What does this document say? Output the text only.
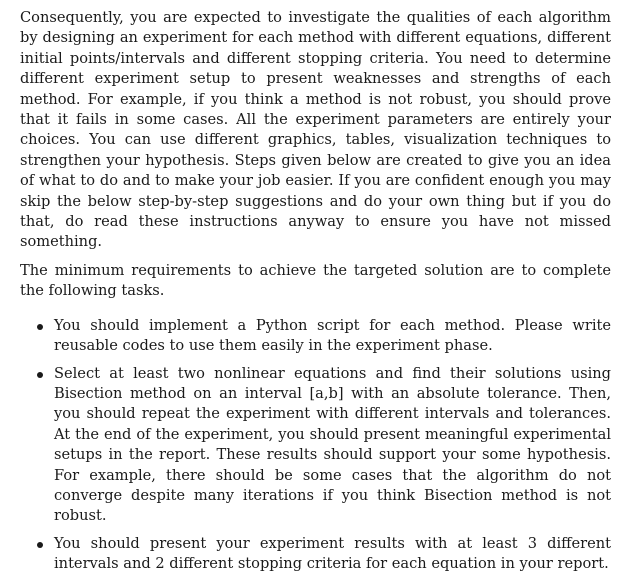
Consequently, you are expected to investigate the qualities of each algorithm by designing an experiment for each method with different equations, different initial points/intervals and different stopping criteria. You need to determine different experiment setup to present weaknesses and strengths of each method. For example, if you think a method is not robust, you should prove that it fails in some cases. All the experiment parameters are entirely your choices. You can use different graphics, tables, visualization techniques to strengthen your hypothesis. Steps given below are created to give you an idea of what to do and to make your job easier. If you are confident enough you may skip the below step-by-step suggestions and do your own thing but if you do that, do read these instructions anyway to ensure you have not missed something.

The minimum requirements to achieve the targeted solution are to complete the following tasks.

You should implement a Python script for each method. Please write reusable codes to use them easily in the experiment phase.
Select at least two nonlinear equations and find their solutions using Bisection method on an interval [a,b] with an absolute tolerance. Then, you should repeat the experiment with different intervals and tolerances. At the end of the experiment, you should present meaningful experimental setups in the report. These results should support your some hypothesis. For example, there should be some cases that the algorithm do not converge despite many iterations if you think Bisection method is not robust.
You should present your experiment results with at least 3 different intervals and 2 different stopping criteria for each equation in your report.
